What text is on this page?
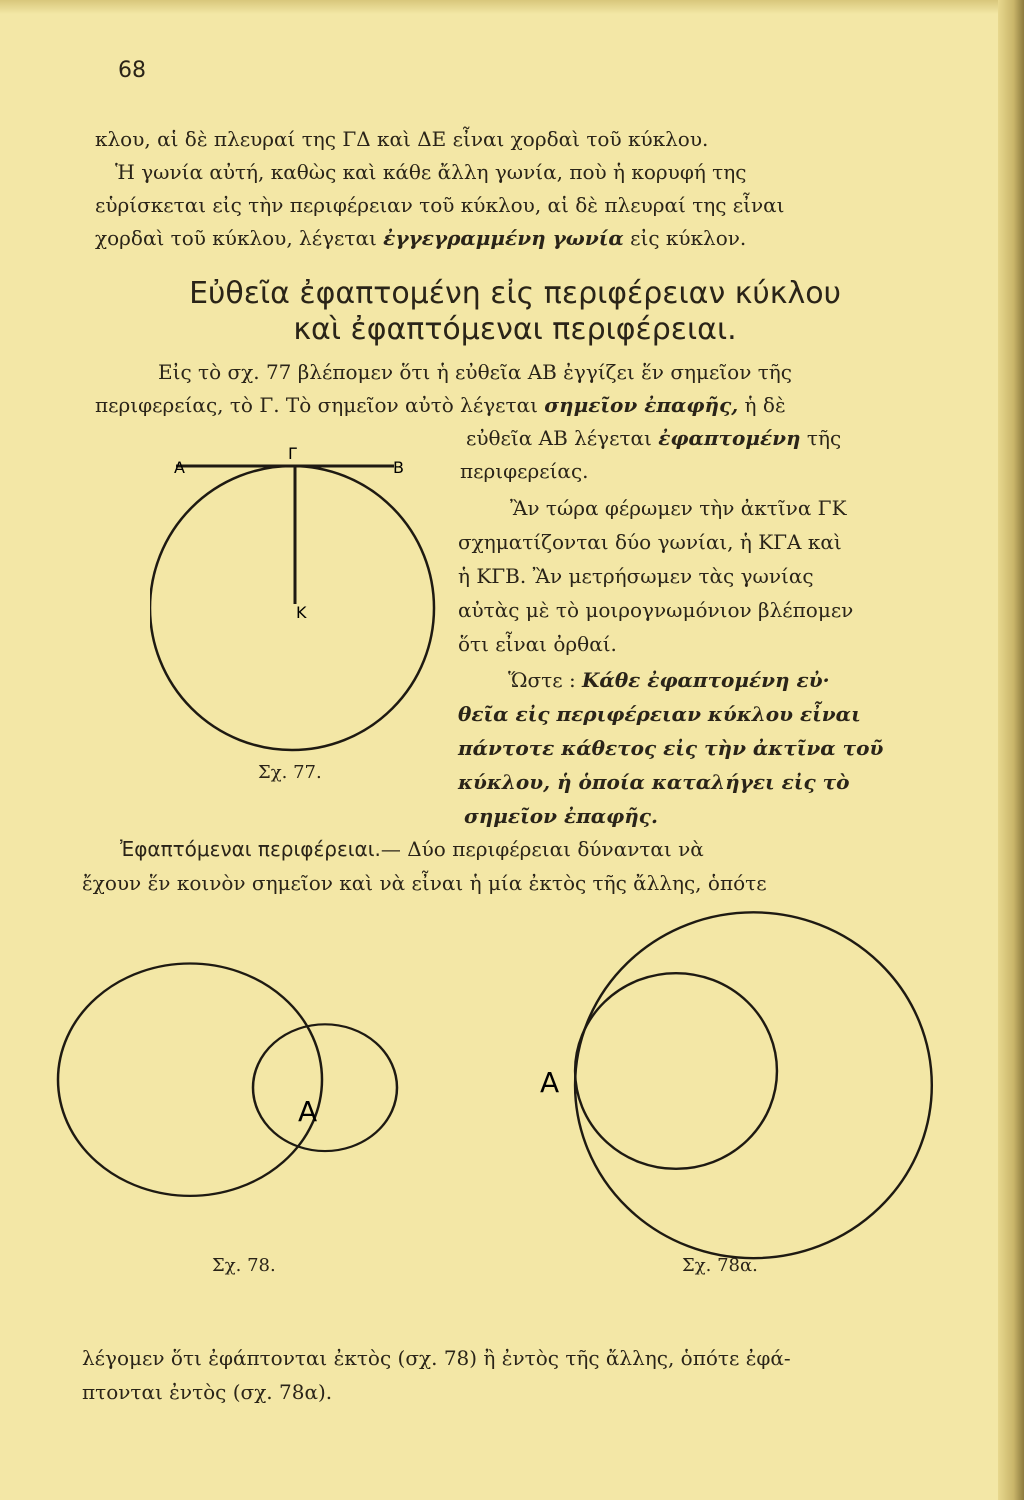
68

κλου, αἱ δὲ πλευραί της ΓΔ καὶ ΔΕ εἶναι χορδαὶ τοῦ κύκλου.

Ἡ γωνία αὐτή, καθὼς καὶ κάθε ἄλλη γωνία, ποὺ ἡ κορυφή της

εὑρίσκεται εἰς τὴν περιφέρειαν τοῦ κύκλου, αἱ δὲ πλευραί της εἶναι

χορδαὶ τοῦ κύκλου, λέγεται ἐγγεγραμμένη γωνία εἰς κύκλον.

Εὐθεῖα ἐφαπτομένη εἰς περιφέρειαν κύκλου
καὶ ἐφαπτόμεναι περιφέρειαι.

Εἰς τὸ σχ. 77 βλέπομεν ὅτι ἡ εὐθεῖα ΑΒ ἐγγίζει ἕν σημεῖον τῆς

περιφερείας, τὸ Γ. Τὸ σημεῖον αὐτὸ λέγεται σημεῖον ἐπαφῆς, ἡ δὲ

εὐθεῖα ΑΒ λέγεται ἐφαπτομένη τῆς

περιφερείας.

Ἂν τώρα φέρωμεν τὴν ἀκτῖνα ΓΚ

σχηματίζονται δύο γωνίαι, ἡ ΚΓΑ καὶ

ἡ ΚΓΒ. Ἂν μετρήσωμεν τὰς γωνίας

αὐτὰς μὲ τὸ μοιρογνωμόνιον βλέπομεν

ὅτι εἶναι ὀρθαί.

Ὥστε : Κάθε ἐφαπτομένη εὐ·

θεῖα εἰς περιφέρειαν κύκλου εἶναι

πάντοτε κάθετος εἰς τὴν ἀκτῖνα τοῦ

κύκλου, ἡ ὁποία καταλήγει εἰς τὸ

σημεῖον ἐπαφῆς.

A	B
Γ
K
Σχ. 77.

Ἐφαπτόμεναι περιφέρειαι.— Δύο περιφέρειαι δύνανται νὰ

ἔχουν ἕν κοινὸν σημεῖον καὶ νὰ εἶναι ἡ μία ἐκτὸς τῆς ἄλλης, ὁπότε

A
Σχ. 78.
A
Σχ. 78α.

λέγομεν ὅτι ἐφάπτονται ἐκτὸς (σχ. 78) ἢ ἐντὸς τῆς ἄλλης, ὁπότε ἐφά-

πτονται ἐντὸς (σχ. 78α).
